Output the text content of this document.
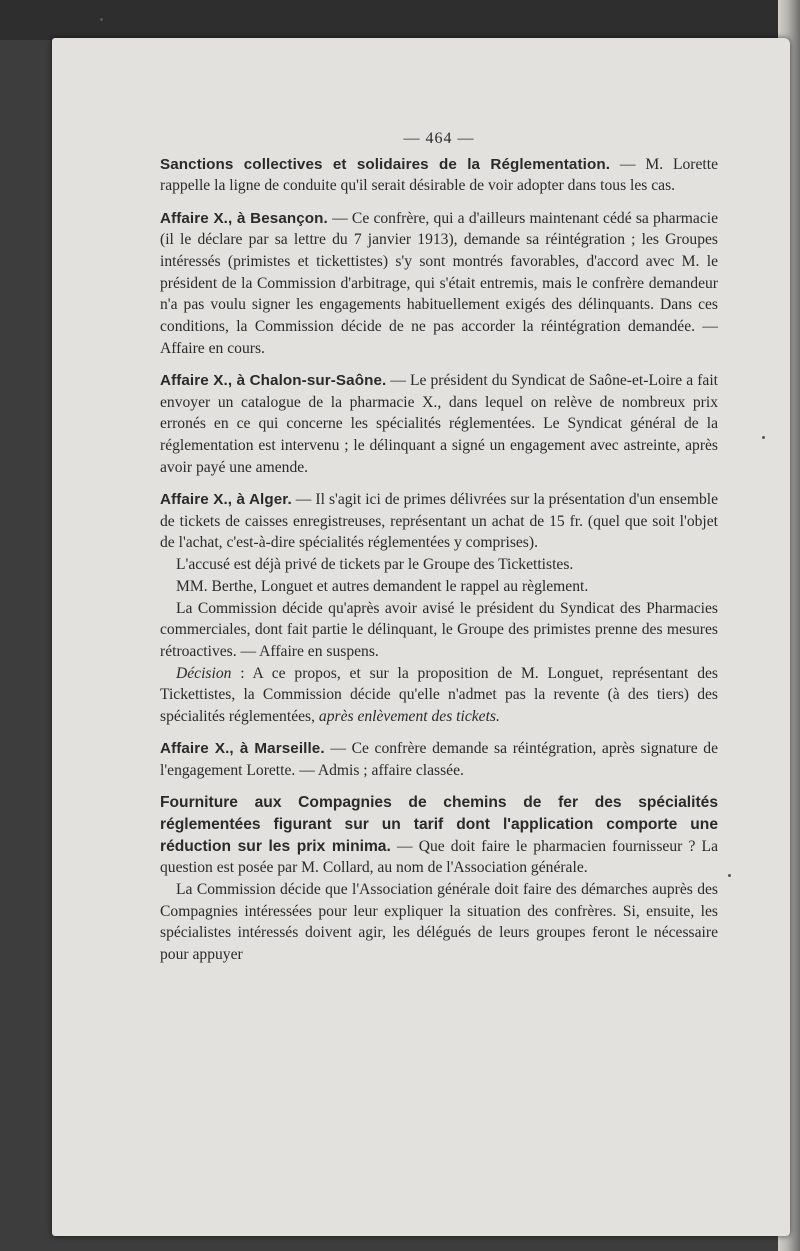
— 464 —

Sanctions collectives et solidaires de la Réglementation. — M. Lorette rappelle la ligne de conduite qu'il serait désirable de voir adopter dans tous les cas.

Affaire X., à Besançon. — Ce confrère, qui a d'ailleurs maintenant cédé sa pharmacie (il le déclare par sa lettre du 7 janvier 1913), demande sa réintégration ; les Groupes intéressés (primistes et tickettistes) s'y sont montrés favorables, d'accord avec M. le président de la Commission d'arbitrage, qui s'était entremis, mais le confrère demandeur n'a pas voulu signer les engagements habituellement exigés des délinquants. Dans ces conditions, la Commission décide de ne pas accorder la réintégration demandée. — Affaire en cours.

Affaire X., à Chalon-sur-Saône. — Le président du Syndicat de Saône-et-Loire a fait envoyer un catalogue de la pharmacie X., dans lequel on relève de nombreux prix erronés en ce qui concerne les spécialités réglementées. Le Syndicat général de la réglementation est intervenu ; le délinquant a signé un engagement avec astreinte, après avoir payé une amende.

Affaire X., à Alger. — Il s'agit ici de primes délivrées sur la présentation d'un ensemble de tickets de caisses enregistreuses, représentant un achat de 15 fr. (quel que soit l'objet de l'achat, c'est-à-dire spécialités réglementées y comprises).

L'accusé est déjà privé de tickets par le Groupe des Tickettistes.

MM. Berthe, Longuet et autres demandent le rappel au règlement.

La Commission décide qu'après avoir avisé le président du Syndicat des Pharmacies commerciales, dont fait partie le délinquant, le Groupe des primistes prenne des mesures rétroactives. — Affaire en suspens.

Décision : A ce propos, et sur la proposition de M. Longuet, représentant des Tickettistes, la Commission décide qu'elle n'admet pas la revente (à des tiers) des spécialités réglementées, après enlèvement des tickets.

Affaire X., à Marseille. — Ce confrère demande sa réintégration, après signature de l'engagement Lorette. — Admis ; affaire classée.

Fourniture aux Compagnies de chemins de fer des spécialités réglementées figurant sur un tarif dont l'application comporte une réduction sur les prix minima. — Que doit faire le pharmacien fournisseur ? La question est posée par M. Collard, au nom de l'Association générale.

La Commission décide que l'Association générale doit faire des démarches auprès des Compagnies intéressées pour leur expliquer la situation des confrères. Si, ensuite, les spécialistes intéressés doivent agir, les délégués de leurs groupes feront le nécessaire pour appuyer
